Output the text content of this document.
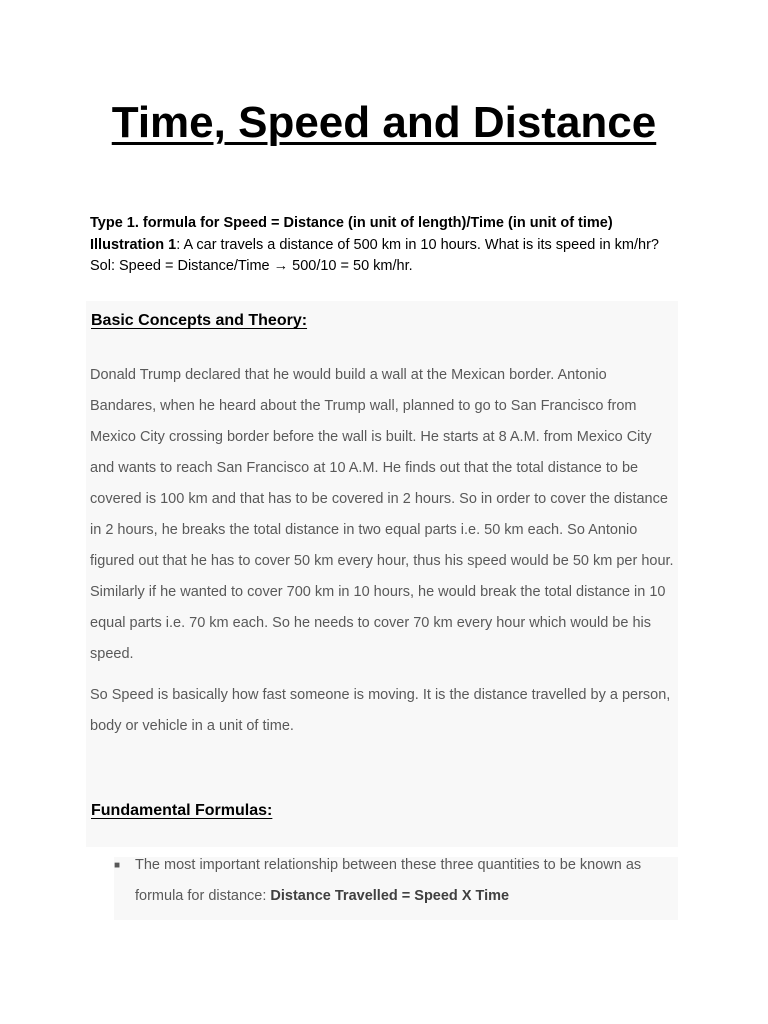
Time, Speed and Distance

Type 1. formula for Speed = Distance (in unit of length)/Time (in unit of time)

Illustration 1: A car travels a distance of 500 km in 10 hours. What is its speed in km/hr?

Sol: Speed = Distance/Time → 500/10 = 50 km/hr.

Basic Concepts and Theory:

Donald Trump declared that he would build a wall at the Mexican border. Antonio Bandares, when he heard about the Trump wall, planned to go to San Francisco from Mexico City crossing border before the wall is built. He starts at 8 A.M. from Mexico City and wants to reach San Francisco at 10 A.M. He finds out that the total distance to be covered is 100 km and that has to be covered in 2 hours. So in order to cover the distance in 2 hours, he breaks the total distance in two equal parts i.e. 50 km each. So Antonio figured out that he has to cover 50 km every hour, thus his speed would be 50 km per hour. Similarly if he wanted to cover 700 km in 10 hours, he would break the total distance in 10 equal parts i.e. 70 km each. So he needs to cover 70 km every hour which would be his speed.

So Speed is basically how fast someone is moving. It is the distance travelled by a person, body or vehicle in a unit of time.

Fundamental Formulas:
■ The most important relationship between these three quantities to be known as formula for distance: Distance Travelled = Speed X Time
